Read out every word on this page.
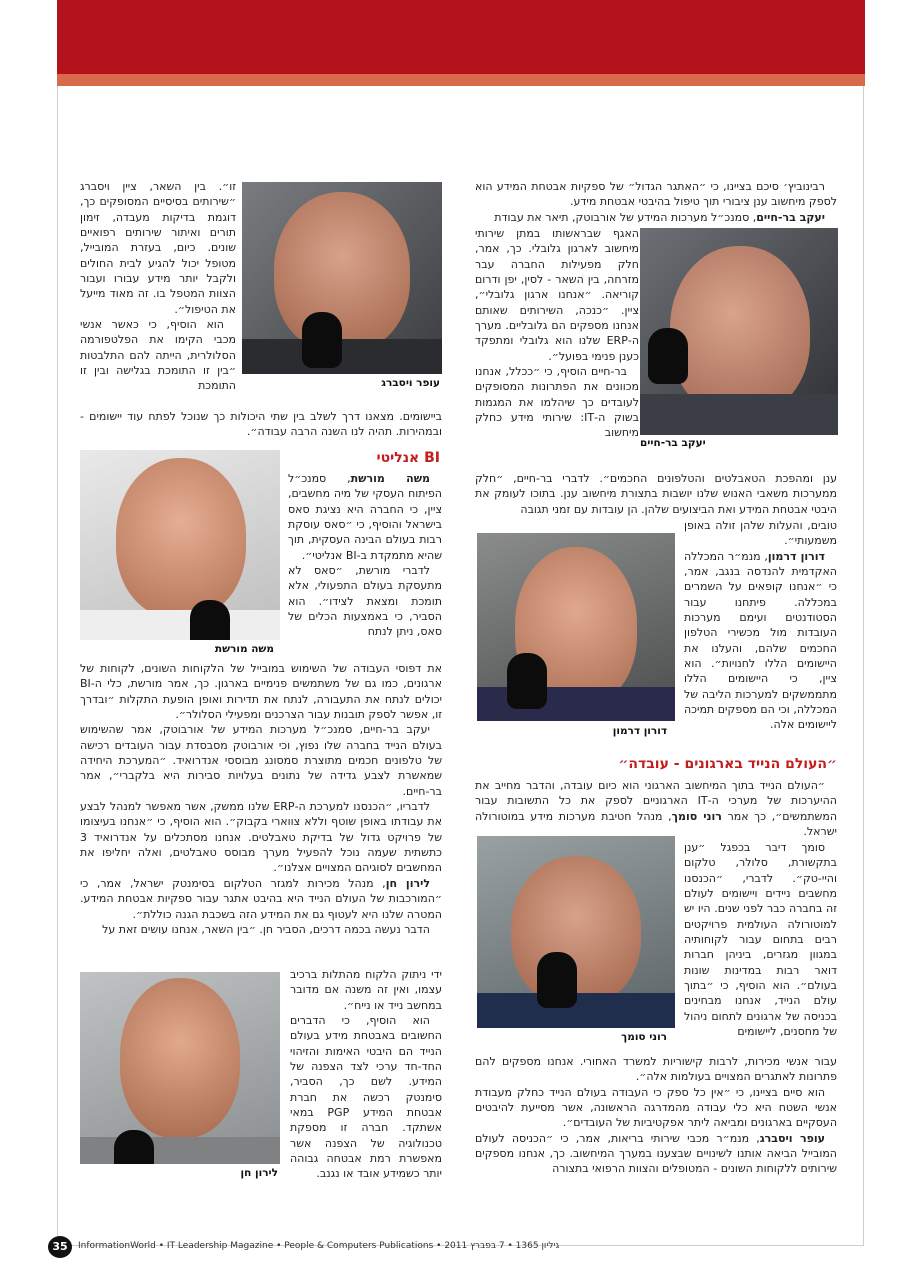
רבינוביץ׳ סיכם בציינו, כי ״האתגר הגדול״ של ספקיות אבטחת המידע הוא לספק מיחשוב ענן ציבורי תוך טיפול בהיבטי אבטחת מידע.

יעקב בר-חיים, סמנכ״ל מערכות המידע של אורבוטק, תיאר את עבודת

האגף שבראשותו במתן שירותי מיחשוב לארגון גלובלי. כך, אמר, חלק מפעילות החברה עבר מזרחה, בין השאר - לסין, יפן ודרום קוריאה. ״אנחנו ארגון גלובלי״, ציין. ״כנכה, השירותים שאותם אנחנו מספקים הם גלובליים. מערך ה-ERP שלנו הוא גלובלי ומתפקד כענן פנימי בפועל״.

בר-חיים הוסיף, כי ״ככלל, אנחנו מכוונים את הפתרונות המסופקים לעובדים כך שיהלמו את המגמות בשוק ה-IT: שירותי מידע כחלק מיחשוב

יעקב בר-חיים

ענן ומהפכת הטאבלטים והטלפונים החכמים״. לדברי בר-חיים, ״חלק ממערכות משאבי האנוש שלנו יושבות בתצורת מיחשוב ענן. בתוכו לעומק את היבטי אבטחת המידע ואת הביצועים שלהן. הן עובדות עם זמני תגובה

טובים, והעלות שלהן זולה באופן משמעותי״.

דורון דרמון, מנמ״ר המכללה האקדמית להנדסה בנגב, אמר, כי ״אנחנו קופאים על השמרים במכללה. פיתחנו עבור הסטודנטים ועימם מערכות העובדות מול מכשירי הטלפון החכמים שלהם, והעלנו את היישומים הללו לחנויות״. הוא ציין, כי היישומים הללו מתממשקים למערכות הליבה של המכללה, וכי הם מספקים תמיכה ליישומים אלה.

דורון דרמון
״העולם הנייד בארגונים - עובדה״

״העולם הנייד בתוך המיחשוב הארגוני הוא כיום עובדה, והדבר מחייב את ההיערכות של מערכי ה-IT הארגוניים לספק את כל התשובות עבור המשתמשים״, כך אמר רוני סומך, מנהל חטיבת מערכות מידע במוטורולה ישראל.

סומך דיבר בכפגל ״ענן בתקשורת, סלולר, טלקום והיי-טק״. לדברי, ״הכנסנו מחשבים ניידים ויישומים לעולם זה בחברה כבר לפני שנים. היו יש למוטורולה העולמית פרויקטים רבים בתחום עבור לקוחותיה במגוון מגזרים, ביניהן חברות דואר רבות במדינות שונות בעולם״. הוא הוסיף, כי ״בתוך עולם הנייד, אנחנו מבחינים בכניסה של ארגונים לתחום ניהול של מחסנים, ליישומים

רוני סומך

עבור אנשי מכירות, לרבות קישוריות למשרד האחורי. אנחנו מספקים להם פתרונות לאתגרים המצויים בעולמות אלה״.

הוא סיים בציינו, כי ״אין כל ספק כי העבודה בעולם הנייד כחלק מעבודת אנשי השטח היא כלי עבודה מהמדרגה הראשונה, אשר מסייעת להיבטים העסקיים בארגונים ומביאה ליתר אפקטיביות של העובדים״.

עופר ויסברג, מנמ״ר מכבי שירותי בריאות, אמר, כי ״הכניסה לעולם המובייל הביאה אותנו לשינויים שבצענו במערך המיחשוב. כך, אנחנו מספקים שירותים ללקוחות השונים - המטופלים והצוות הרפואי בתצורה

עופר ויסברג

זו״. בין השאר, ציין ויסברג ״שירותים בסיסיים המסופקים כך, דוגמת בדיקות מעבדה, זימון תורים ואיתור שירותים רפואיים שונים. כיום, בעזרת המובייל, מטופל יכול להגיע לבית החולים ולקבל יותר מידע עבורו ועבור הצוות המטפל בו. זה מאוד מייעל את הטיפול״.

הוא הוסיף, כי כאשר אנשי מכבי הקימו את הפלטפורמה הסלולרית, הייתה להם התלבטות ״בין זו התומכת בגלישה ובין זו התומכת

ביישומים. מצאנו דרך לשלב בין שתי היכולות כך שנוכל לפתח עוד יישומים - ובמהירות. תהיה לנו השנה הרבה עבודה״.

BI אנליטי
משה מורשת

משה מורשת, סמנכ״ל הפיתוח העסקי של מיה מחשבים, ציין, כי החברה היא נציגת סאס בישראל והוסיף, כי ״סאס עוסקת רבות בעולם הבינה העסקית, תוך שהיא מתמקדת ב-BI אנליטי״.

לדברי מורשת, ״סאס לא מתעסקת בעולם התפעולי, אלא תומכת ומצאת לצידו״. הוא הסביר, כי באמצעות הכלים של סאס, ניתן לנתח

את דפוסי העבודה של השימוש במובייל של הלקוחות השונים, לקוחות של ארגונים, כמו גם של משתמשים פנימיים בארגון. כך, אמר מורשת, כלי ה-BI יכולים לנתח את התעבורה, לנתח את תדירות ואופן הופעת התקלות ״ובדרך זו, אפשר לספק תובנות עבור הצרכנים ומפעילי הסלולר״.

יעקב בר-חיים, סמנכ״ל מערכות המידע של אורבוטק, אמר שהשימוש בעולם הנייד בחברה שלו נפוץ, וכי אורבוטק מסבסדת עבור העובדים רכישה של טלפונים חכמים מתוצרת סמסונג מבוססי אנדרואיד. ״המערכת היחידה שמאשרת לצבע גדידה של נתונים בעלויות סבירות היא בלקברי״, אמר בר-חיים.

לדבריו, ״הכנסנו למערכת ה-ERP שלנו ממשק, אשר מאפשר למנהל לבצע את עבודתו באופן שוטף וללא צווארי בקבוק״. הוא הוסיף, כי ״אנחנו בעיצומו של פרויקט גדול של בדיקת טאבלטים. אנחנו מסתכלים על אנדרואיד 3 כתשתית שעמה נוכל להפעיל מערך מבוסס טאבלטים, ואלה יחליפו את המחשבים לסוגיהם המצויים אצלנו״.

לירון חן, מנהל מכירות למגזר הטלקום בסימנטק ישראל, אמר, כי ״המורכבות של העולם הנייד היא בהיבט אתגר עבור ספקיות אבטחת המידע. המטרה שלנו היא לעטוף גם את המידע הזה בשכבת הגנה כוללת״.

הדבר נעשה בכמה דרכים, הסביר חן. ״בין השאר, אנחנו עושים זאת על

לירון חן

ידי ניתוק הלקוח מהתלות ברכיב עצמו, ואין זה משנה אם מדובר במחשב נייד או נייח״.

הוא הוסיף, כי הדברים החשובים באבטחת מידע בעולם הנייד הם היבטי האימות והזיהוי החד-חד ערכי לצד הצפנה של המידע. לשם כך, הסביר, סימנטק רכשה את חברת אבטחת המידע PGP במאי אשתקד. חברה זו מספקת טכנולוגיה של הצפנה אשר מאפשרת רמת אבטחה גבוהה יותר כשמידע אובד או נגנב.

35	InformationWorld • IT Leadership Magazine • People & Computers Publications • גיליון 1365 • 7 בפברץ 2011
